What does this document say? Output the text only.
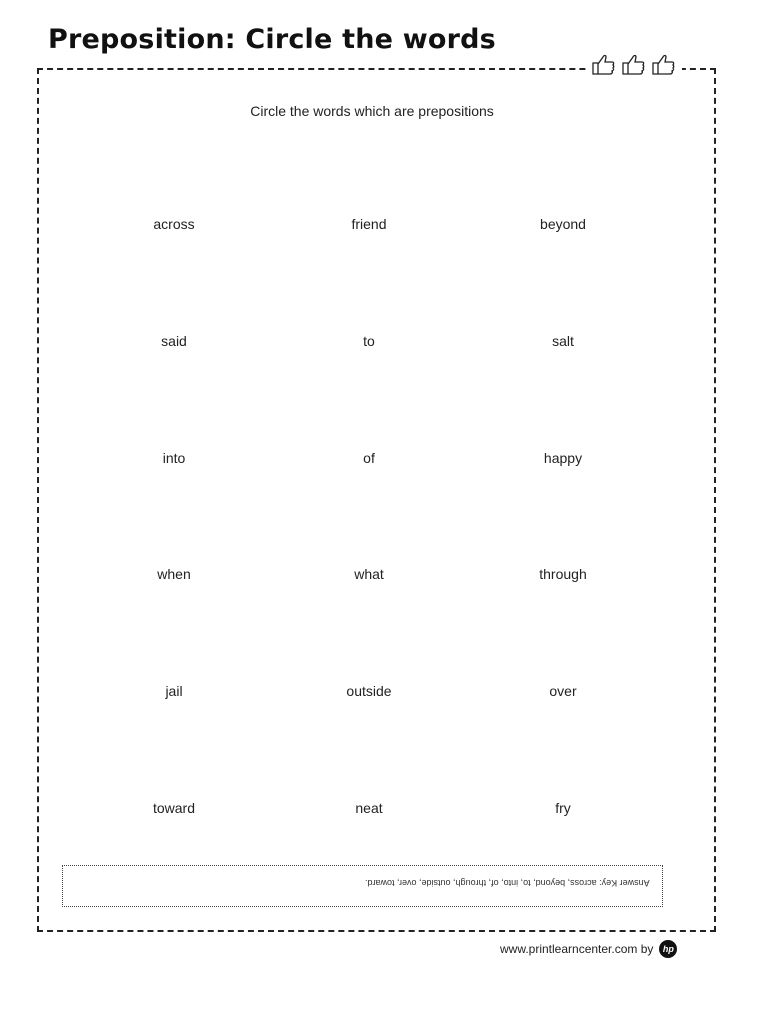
Preposition: Circle the words
Circle the words which are prepositions
across	friend	beyond
said	to	salt
into	of	happy
when	what	through
jail	outside	over
toward	neat	fry
Answer Key: across, beyond, to, into, of, through, outside, over, toward.
www.printlearncenter.com by	hp
